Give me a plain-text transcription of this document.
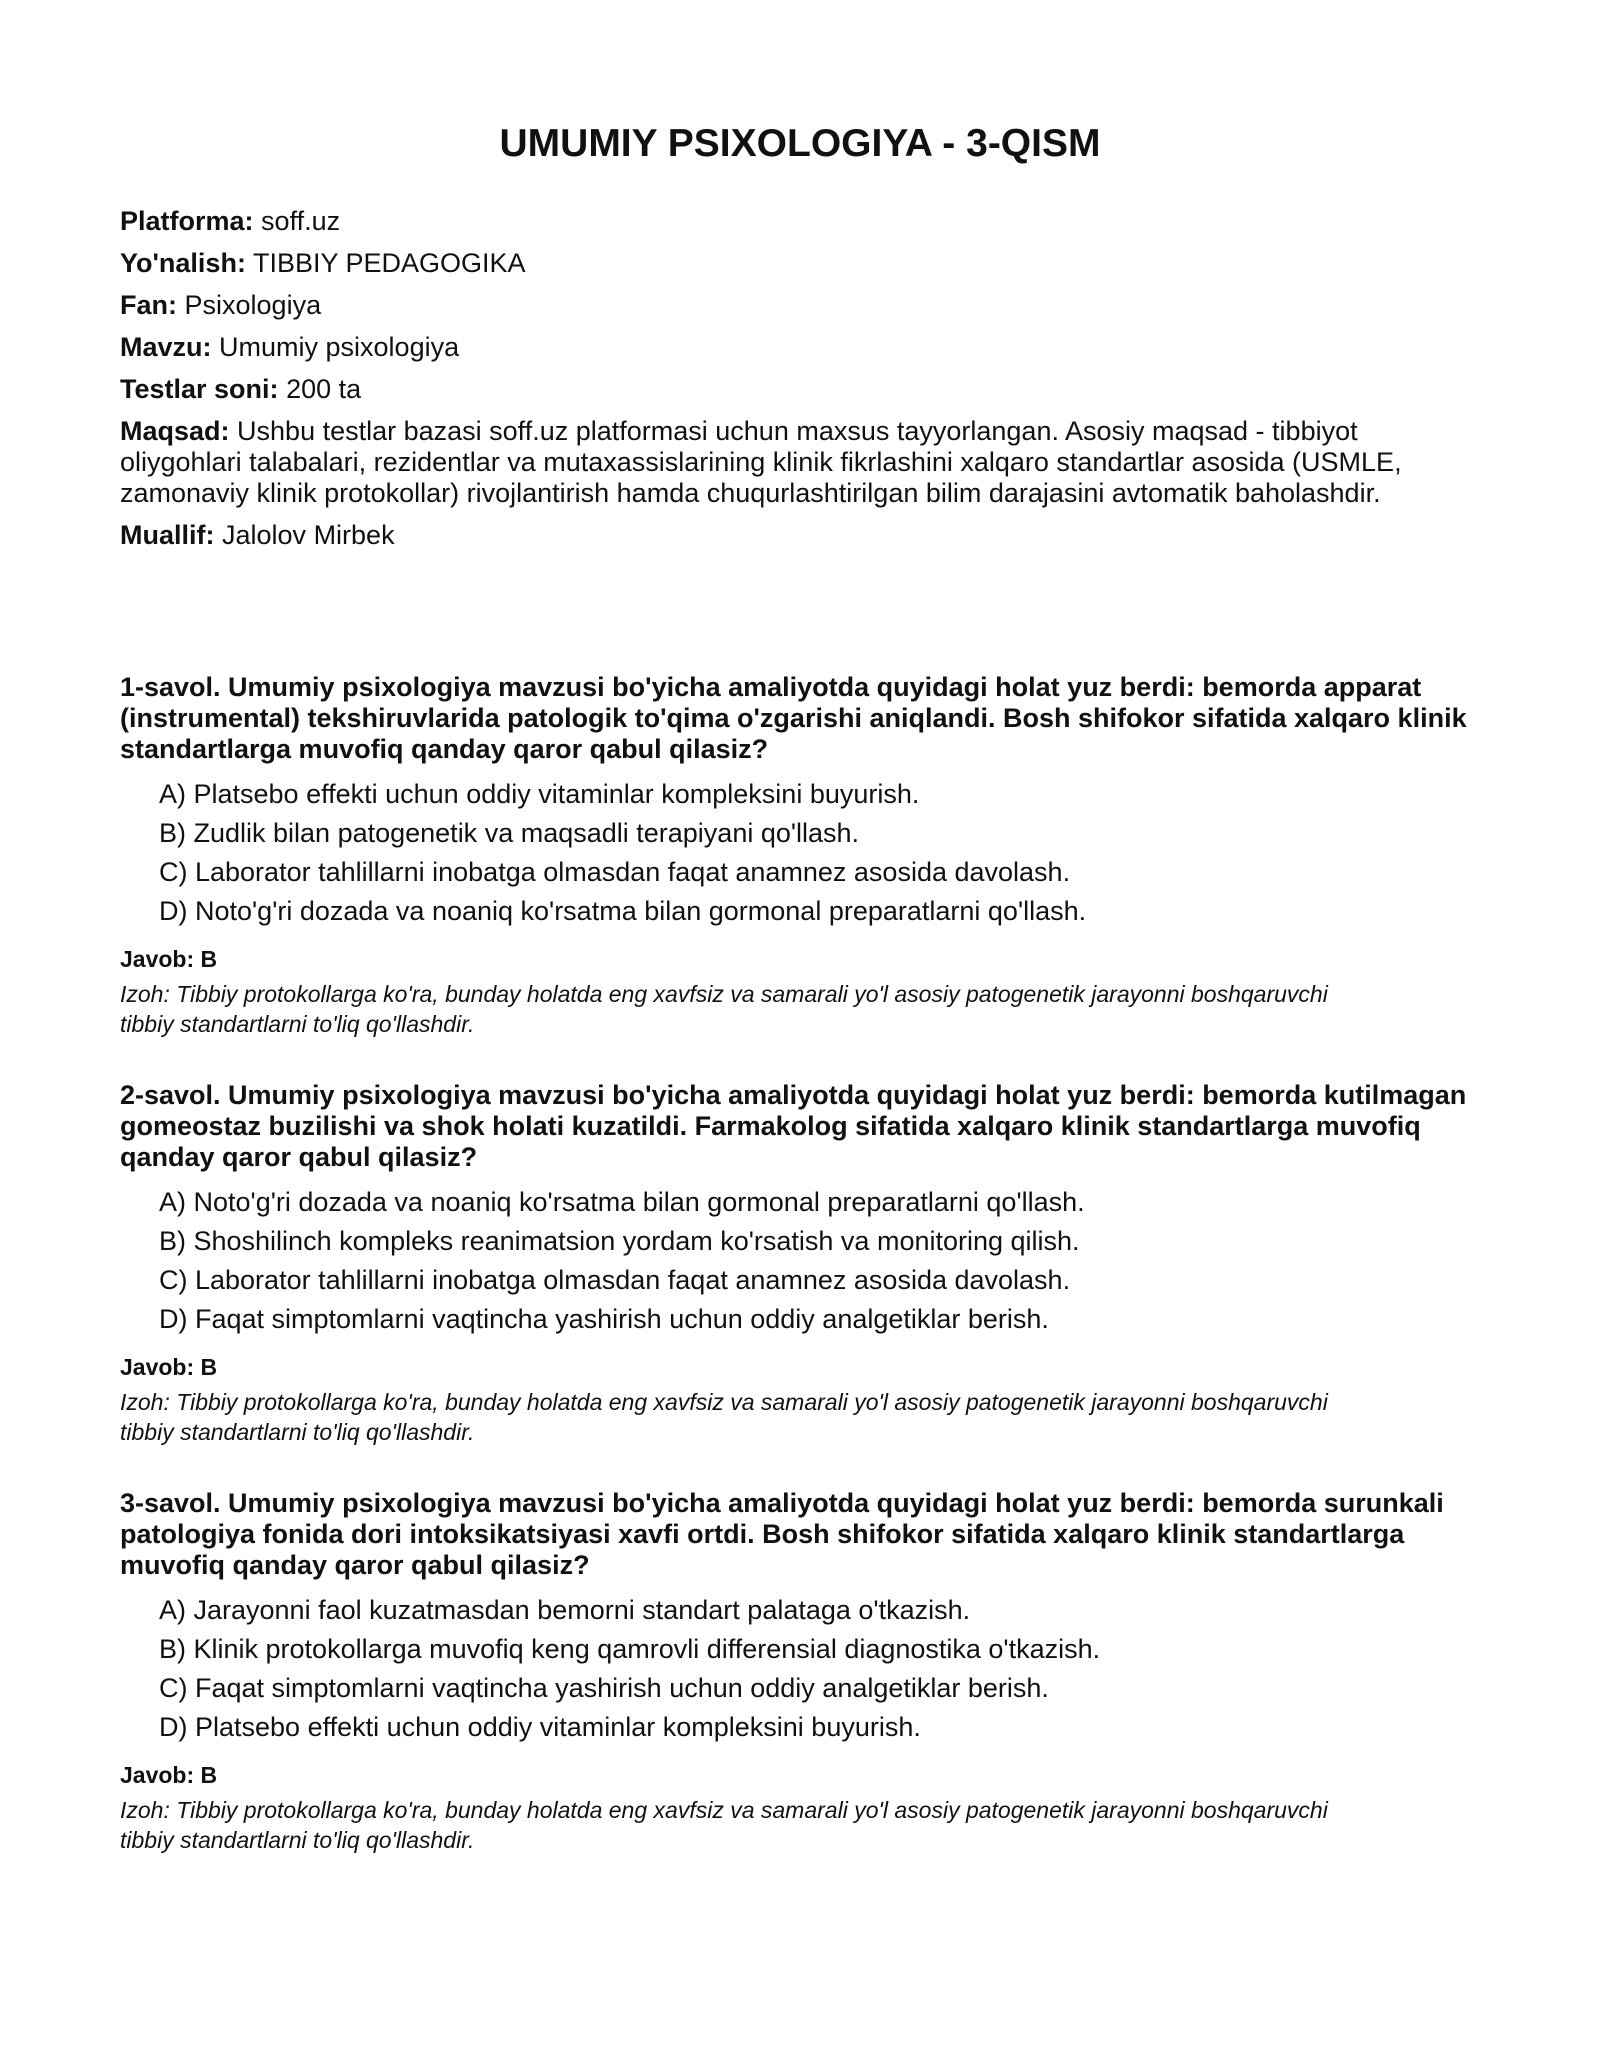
UMUMIY PSIXOLOGIYA - 3-QISM

Platforma: soff.uz

Yo'nalish: TIBBIY PEDAGOGIKA

Fan: Psixologiya

Mavzu: Umumiy psixologiya

Testlar soni: 200 ta

Maqsad: Ushbu testlar bazasi soff.uz platformasi uchun maxsus tayyorlangan. Asosiy maqsad - tibbiyot oliygohlari talabalari, rezidentlar va mutaxassislarining klinik fikrlashini xalqaro standartlar asosida (USMLE, zamonaviy klinik protokollar) rivojlantirish hamda chuqurlashtirilgan bilim darajasini avtomatik baholashdir.

Muallif: Jalolov Mirbek

1-savol. Umumiy psixologiya mavzusi bo'yicha amaliyotda quyidagi holat yuz berdi: bemorda apparat (instrumental) tekshiruvlarida patologik to'qima o'zgarishi aniqlandi. Bosh shifokor sifatida xalqaro klinik standartlarga muvofiq qanday qaror qabul qilasiz?

A) Platsebo effekti uchun oddiy vitaminlar kompleksini buyurish.
B) Zudlik bilan patogenetik va maqsadli terapiyani qo'llash.
C) Laborator tahlillarni inobatga olmasdan faqat anamnez asosida davolash.
D) Noto'g'ri dozada va noaniq ko'rsatma bilan gormonal preparatlarni qo'llash.

Javob: B

Izoh: Tibbiy protokollarga ko'ra, bunday holatda eng xavfsiz va samarali yo'l asosiy patogenetik jarayonni boshqaruvchi tibbiy standartlarni to'liq qo'llashdir.

2-savol. Umumiy psixologiya mavzusi bo'yicha amaliyotda quyidagi holat yuz berdi: bemorda kutilmagan gomeostaz buzilishi va shok holati kuzatildi. Farmakolog sifatida xalqaro klinik standartlarga muvofiq qanday qaror qabul qilasiz?

A) Noto'g'ri dozada va noaniq ko'rsatma bilan gormonal preparatlarni qo'llash.
B) Shoshilinch kompleks reanimatsion yordam ko'rsatish va monitoring qilish.
C) Laborator tahlillarni inobatga olmasdan faqat anamnez asosida davolash.
D) Faqat simptomlarni vaqtincha yashirish uchun oddiy analgetiklar berish.

Javob: B

Izoh: Tibbiy protokollarga ko'ra, bunday holatda eng xavfsiz va samarali yo'l asosiy patogenetik jarayonni boshqaruvchi tibbiy standartlarni to'liq qo'llashdir.

3-savol. Umumiy psixologiya mavzusi bo'yicha amaliyotda quyidagi holat yuz berdi: bemorda surunkali patologiya fonida dori intoksikatsiyasi xavfi ortdi. Bosh shifokor sifatida xalqaro klinik standartlarga muvofiq qanday qaror qabul qilasiz?

A) Jarayonni faol kuzatmasdan bemorni standart palataga o'tkazish.
B) Klinik protokollarga muvofiq keng qamrovli differensial diagnostika o'tkazish.
C) Faqat simptomlarni vaqtincha yashirish uchun oddiy analgetiklar berish.
D) Platsebo effekti uchun oddiy vitaminlar kompleksini buyurish.

Javob: B

Izoh: Tibbiy protokollarga ko'ra, bunday holatda eng xavfsiz va samarali yo'l asosiy patogenetik jarayonni boshqaruvchi tibbiy standartlarni to'liq qo'llashdir.
